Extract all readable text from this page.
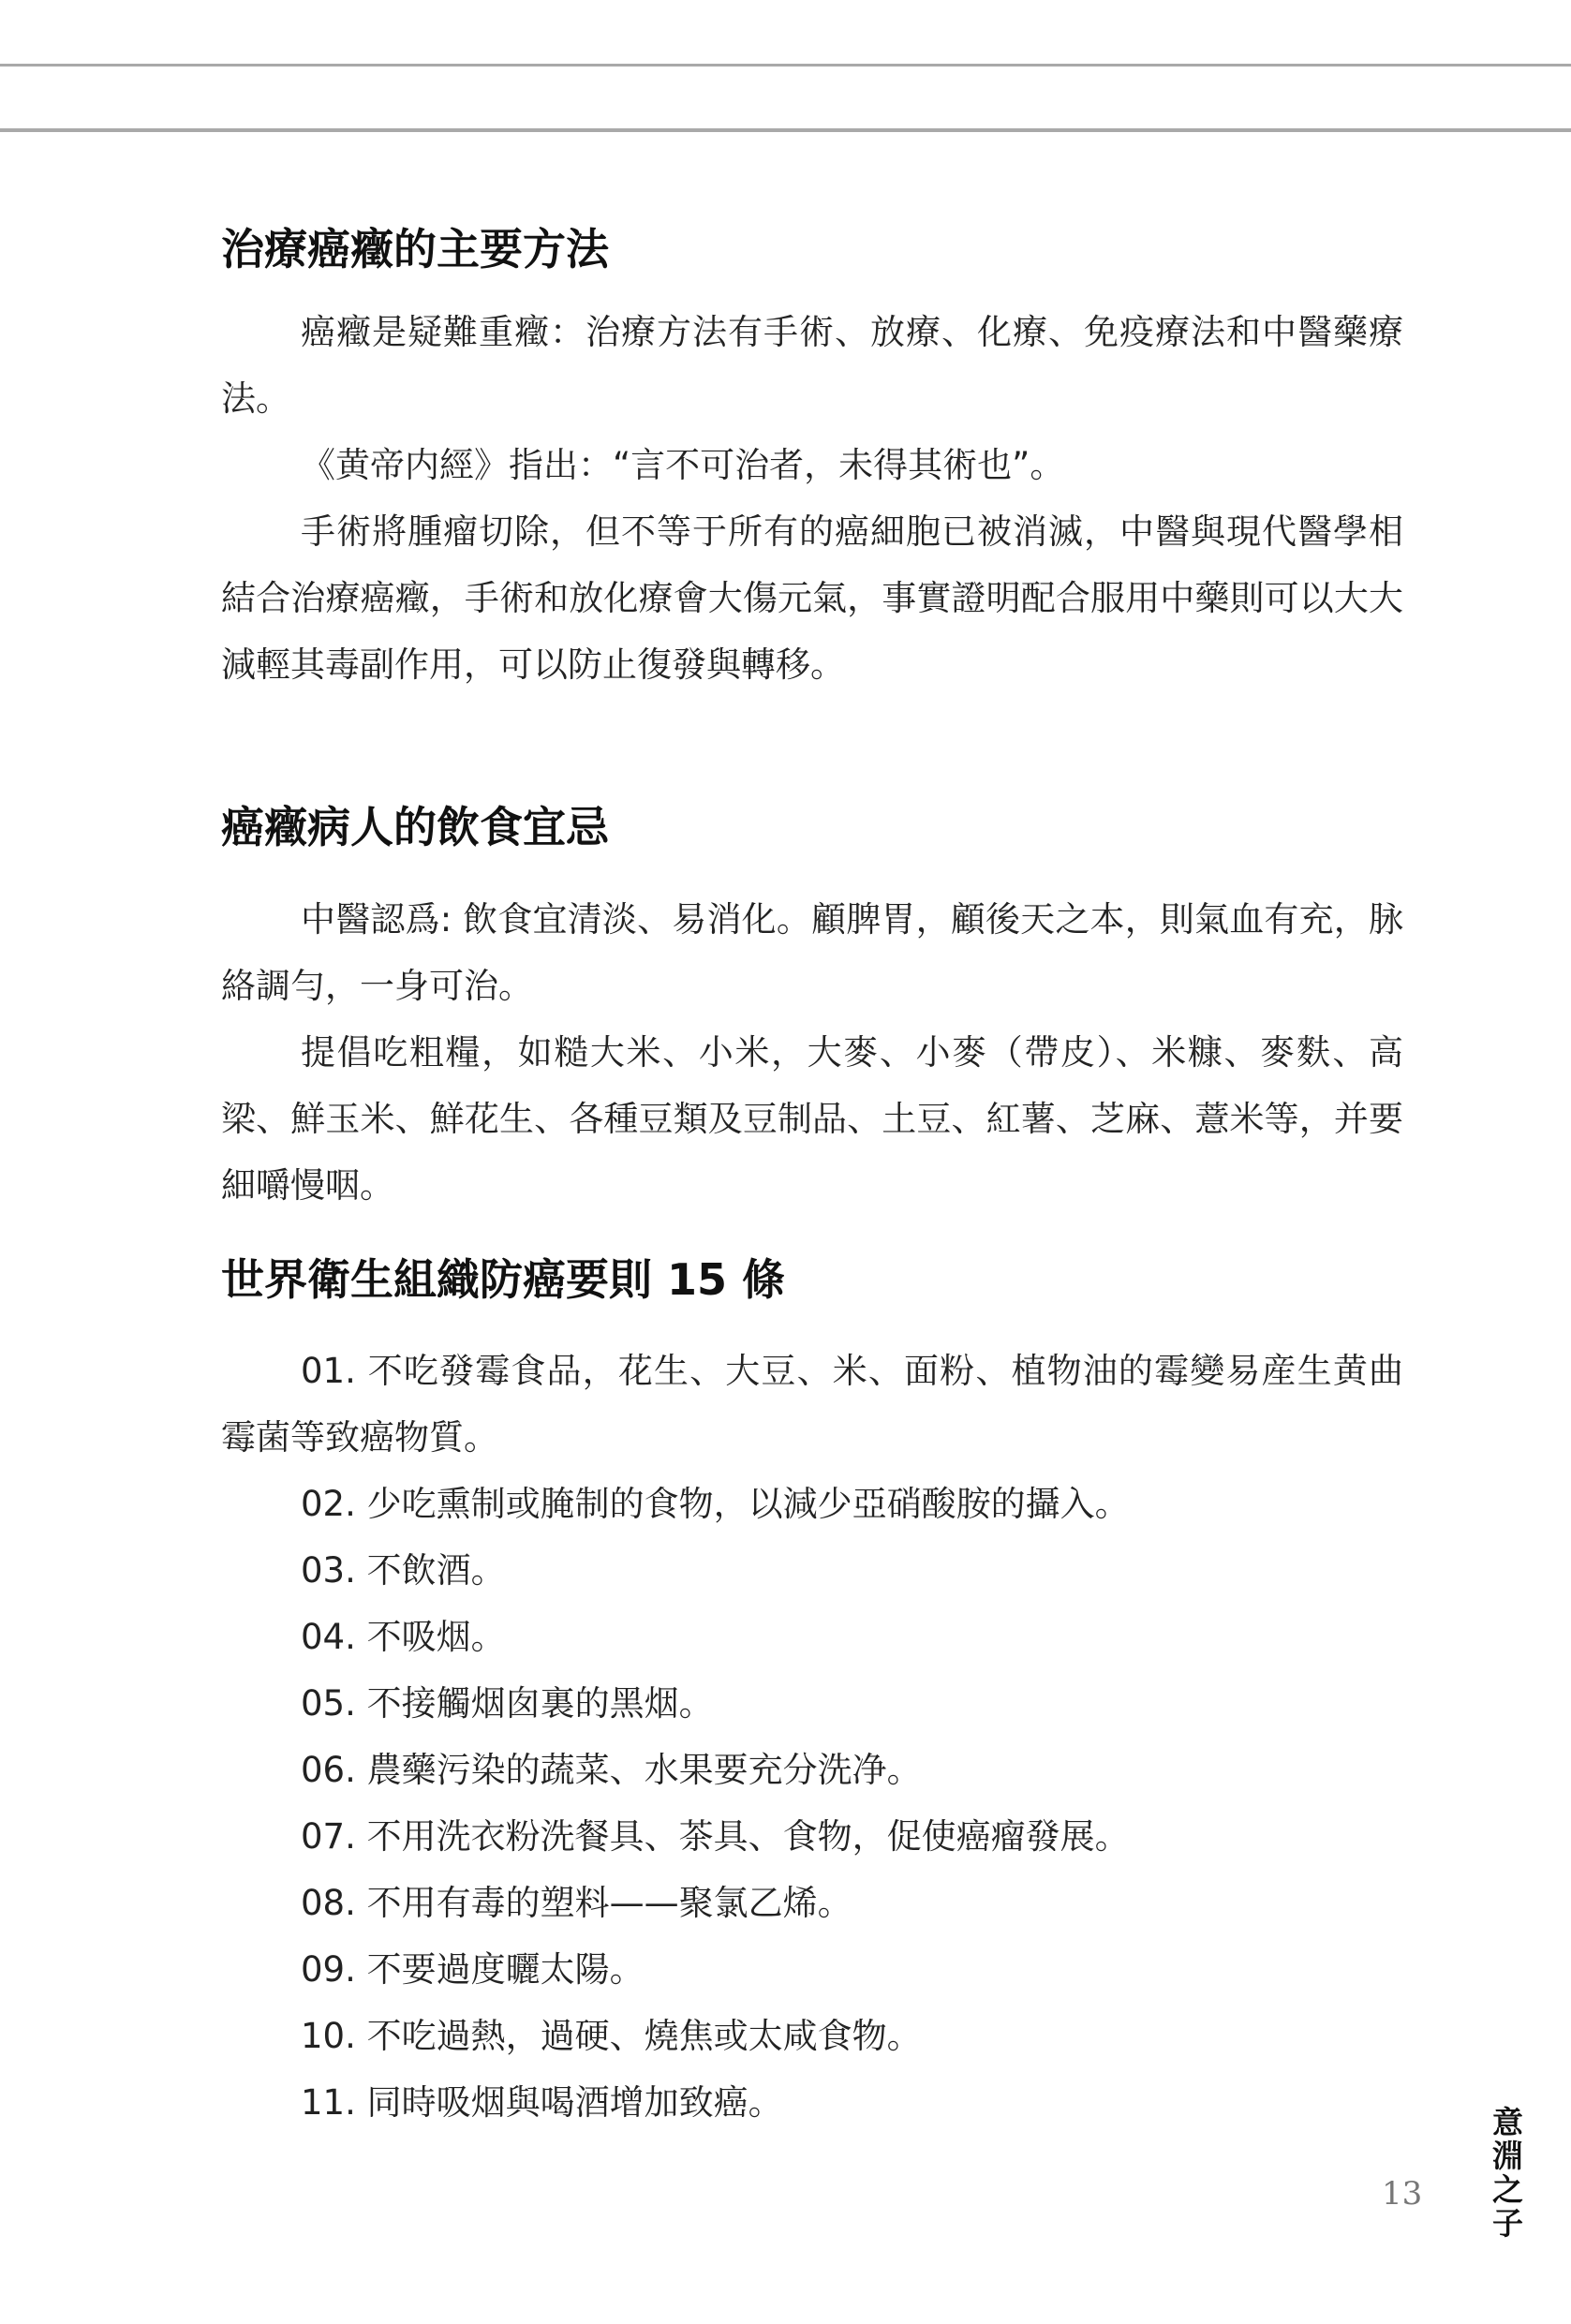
治療癌癥的主要方法

癌癥是疑難重癥：治療方法有手術、放療、化療、免疫療法和中醫藥療法。

《黄帝内經》指出：“言不可治者，未得其術也”。

手術將腫瘤切除，但不等于所有的癌細胞已被消滅，中醫與現代醫學相結合治療癌癥，手術和放化療會大傷元氣，事實證明配合服用中藥則可以大大減輕其毒副作用，可以防止復發與轉移。

癌癥病人的飲食宜忌

中醫認爲: 飲食宜清淡、易消化。顧脾胃，顧後天之本，則氣血有充，脉絡調勻，一身可治。

提倡吃粗糧，如糙大米、小米，大麥、小麥（帶皮）、米糠、麥麩、高梁、鮮玉米、鮮花生、各種豆類及豆制品、土豆、紅薯、芝麻、薏米等，并要細嚼慢咽。

世界衛生組織防癌要則 15 條

01. 不吃發霉食品，花生、大豆、米、面粉、植物油的霉變易産生黄曲霉菌等致癌物質。

02. 少吃熏制或腌制的食物，以減少亞硝酸胺的攝入。

03. 不飲酒。

04. 不吸烟。

05. 不接觸烟囱裏的黑烟。

06. 農藥污染的蔬菜、水果要充分洗净。

07. 不用洗衣粉洗餐具、茶具、食物，促使癌瘤發展。

08. 不用有毒的塑料——聚氯乙烯。

09. 不要過度曬太陽。

10. 不吃過熱，過硬、燒焦或太咸食物。

11. 同時吸烟與喝酒增加致癌。

13 意淵之子
